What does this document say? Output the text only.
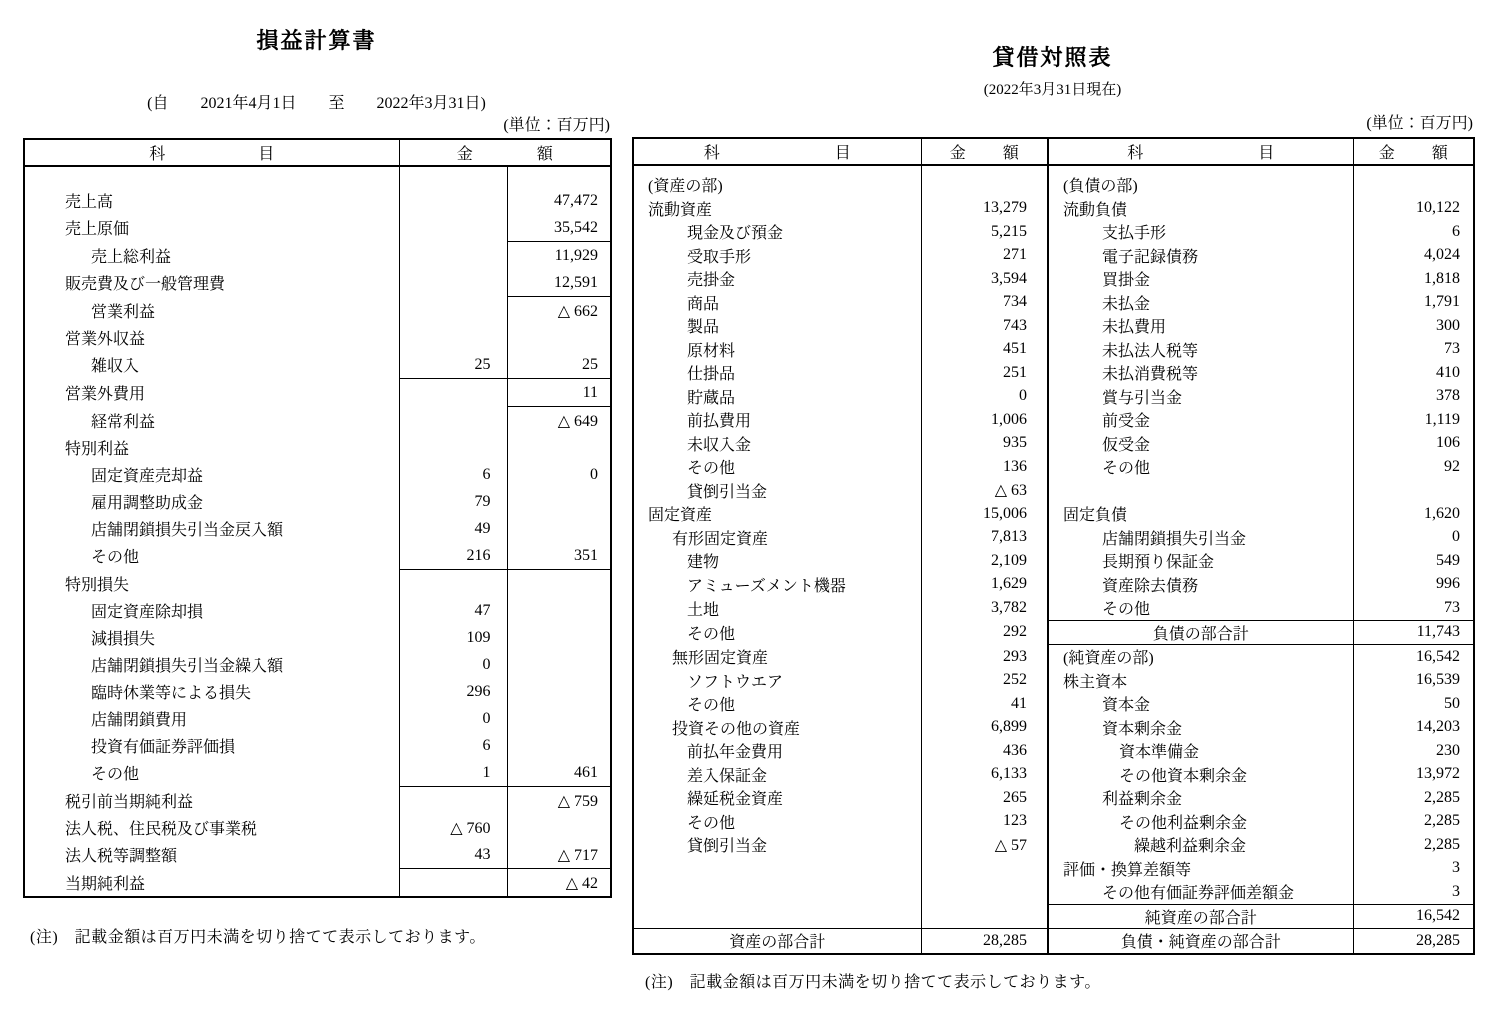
損益計算書
(自　　2021年4月1日　　至　　2022年3月31日)
(単位：百万円)
科 目	金 額	

売上高		47,472
売上原価		35,542
売上総利益		11,929
販売費及び一般管理費		12,591
営業利益		△ 662
営業外収益		
雑収入	25	25
営業外費用		11
経常利益		△ 649
特別利益		
固定資産売却益	6	0
雇用調整助成金	79	
店舗閉鎖損失引当金戻入額	49	
その他	216	351
特別損失		
固定資産除却損	47	
減損損失	109	
店舗閉鎖損失引当金繰入額	0	
臨時休業等による損失	296	
店舗閉鎖費用	0	
投資有価証券評価損	6	
その他	1	461
税引前当期純利益		△ 759
法人税、住民税及び事業税	△ 760	
法人税等調整額	43	△ 717
当期純利益		△ 42
(注)　記載金額は百万円未満を切り捨てて表示しております。
貸借対照表
(2022年3月31日現在)
(単位：百万円)
科 目	金 額	科 目	金 額

(資産の部)		(負債の部)	
流動資産	13,279	流動負債	10,122
現金及び預金	5,215	支払手形	6
受取手形	271	電子記録債務	4,024
売掛金	3,594	買掛金	1,818
商品	734	未払金	1,791
製品	743	未払費用	300
原材料	451	未払法人税等	73
仕掛品	251	未払消費税等	410
貯蔵品	0	賞与引当金	378
前払費用	1,006	前受金	1,119
未収入金	935	仮受金	106
その他	136	その他	92
貸倒引当金	△ 63		
固定資産	15,006	固定負債	1,620
有形固定資産	7,813	店舗閉鎖損失引当金	0
建物	2,109	長期預り保証金	549
アミューズメント機器	1,629	資産除去債務	996
土地	3,782	その他	73
その他	292	負債の部合計	11,743
無形固定資産	293	(純資産の部)	16,542
ソフトウエア	252	株主資本	16,539
その他	41	資本金	50
投資その他の資産	6,899	資本剰余金	14,203
前払年金費用	436	資本準備金	230
差入保証金	6,133	その他資本剰余金	13,972
繰延税金資産	265	利益剰余金	2,285
その他	123	その他利益剰余金	2,285
貸倒引当金	△ 57	繰越利益剰余金	2,285
		評価・換算差額等	3
		その他有価証券評価差額金	3
		純資産の部合計	16,542
資産の部合計	28,285	負債・純資産の部合計	28,285
(注)　記載金額は百万円未満を切り捨てて表示しております。
